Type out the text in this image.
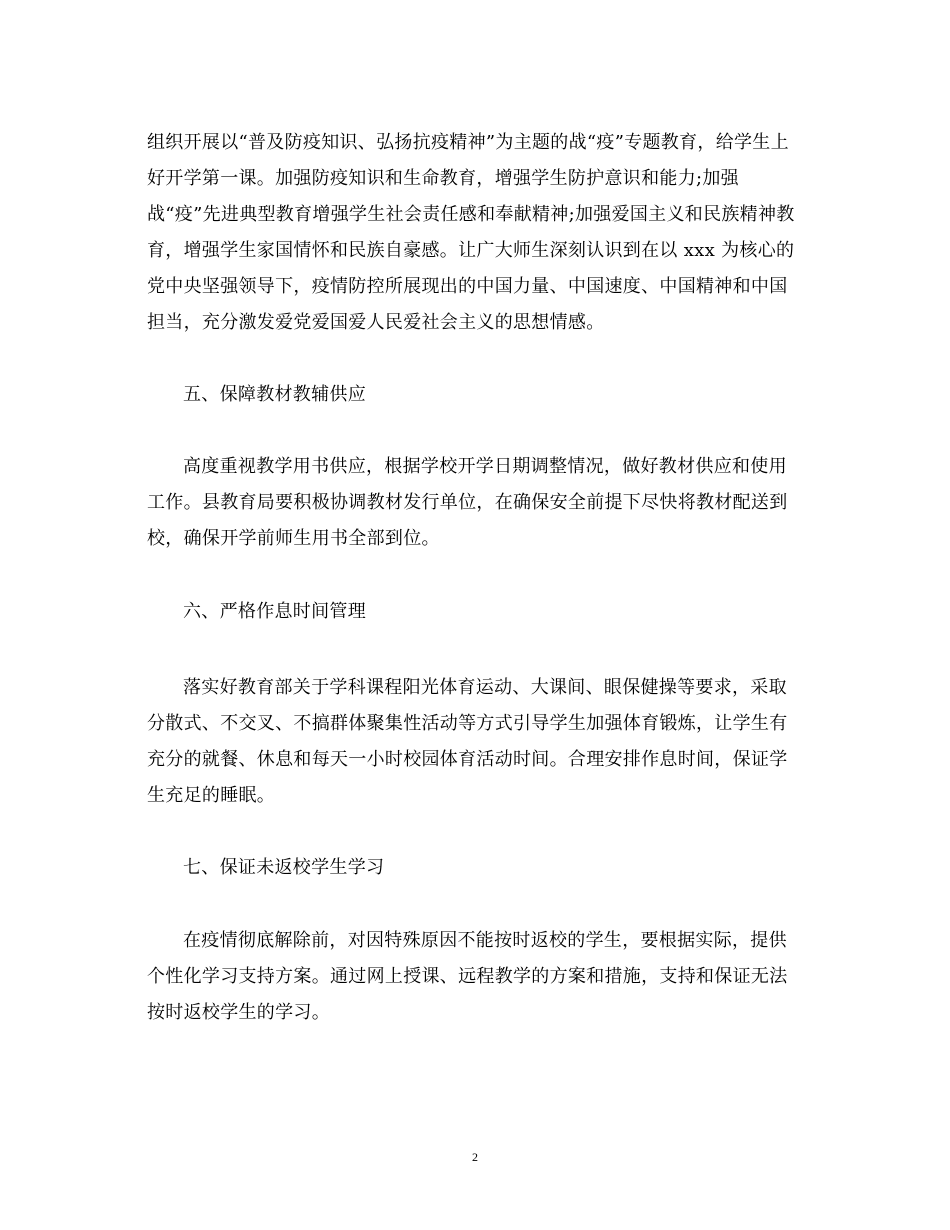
组织开展以“普及防疫知识、弘扬抗疫精神”为主题的战“疫”专题教育，给学生上
好开学第一课。加强防疫知识和生命教育，增强学生防护意识和能力;加强
战“疫”先进典型教育增强学生社会责任感和奉献精神;加强爱国主义和民族精神教
育，增强学生家国情怀和民族自豪感。让广大师生深刻认识到在以 xxx 为核心的
党中央坚强领导下，疫情防控所展现出的中国力量、中国速度、中国精神和中国
担当，充分激发爱党爱国爱人民爱社会主义的思想情感。
五、保障教材教辅供应
高度重视教学用书供应，根据学校开学日期调整情况，做好教材供应和使用
工作。县教育局要积极协调教材发行单位，在确保安全前提下尽快将教材配送到
校，确保开学前师生用书全部到位。
六、严格作息时间管理
落实好教育部关于学科课程阳光体育运动、大课间、眼保健操等要求，采取
分散式、不交叉、不搞群体聚集性活动等方式引导学生加强体育锻炼，让学生有
充分的就餐、休息和每天一小时校园体育活动时间。合理安排作息时间，保证学
生充足的睡眠。
七、保证未返校学生学习
在疫情彻底解除前，对因特殊原因不能按时返校的学生，要根据实际，提供
个性化学习支持方案。通过网上授课、远程教学的方案和措施，支持和保证无法
按时返校学生的学习。
2
